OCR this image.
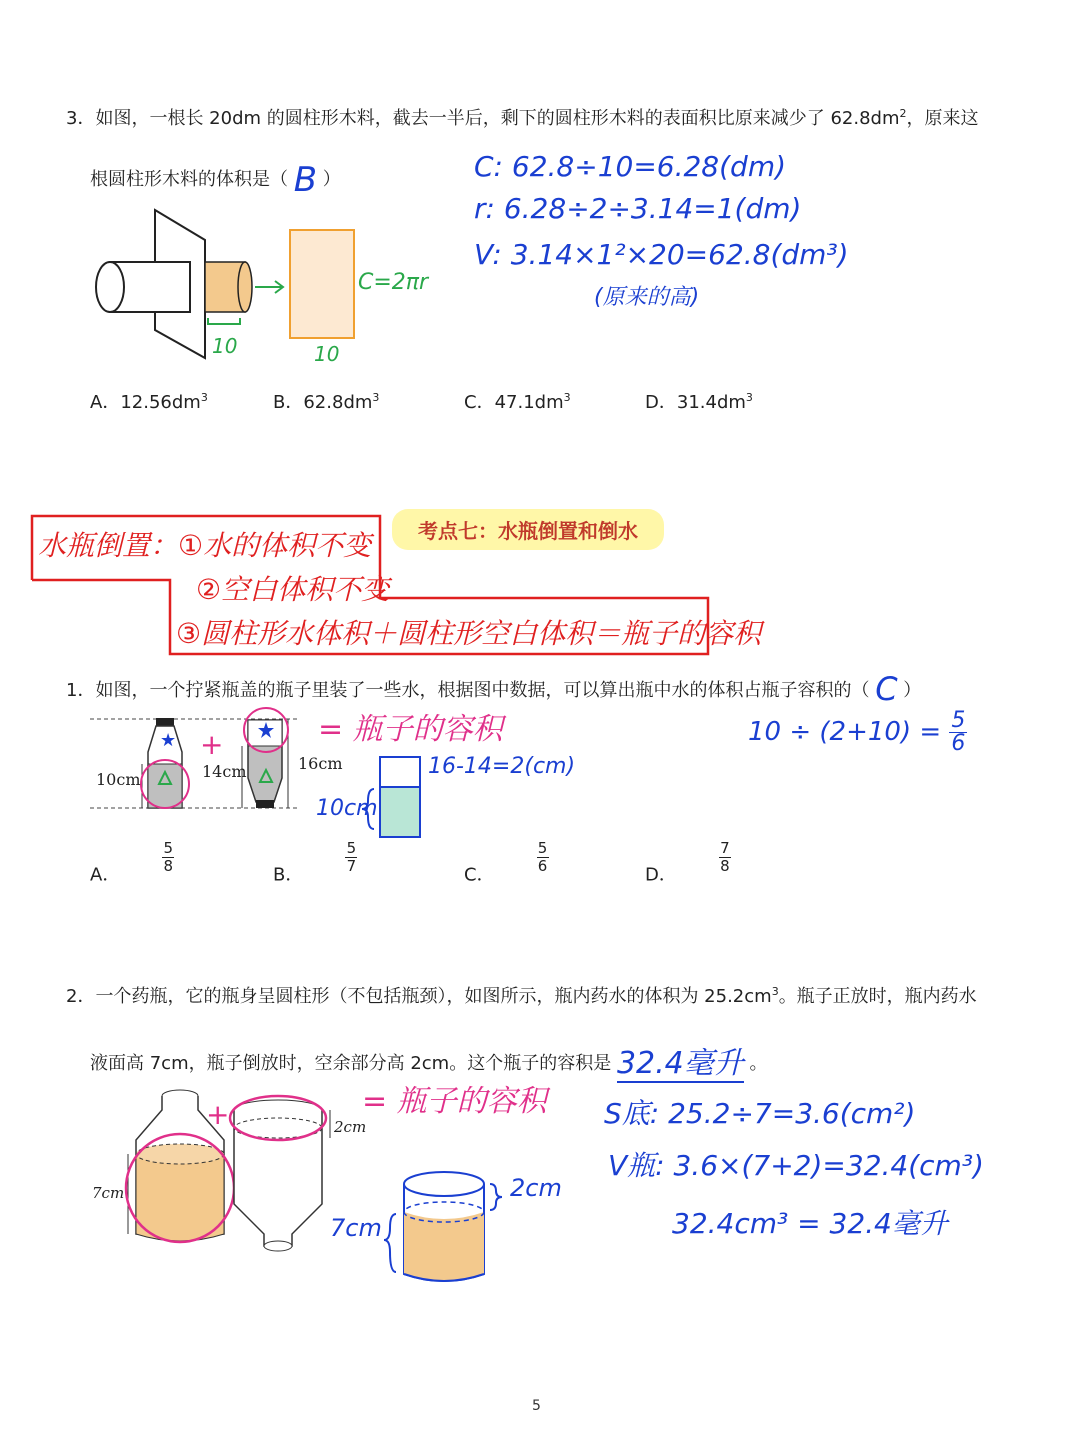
3．如图，一根长 20dm 的圆柱形木料，截去一半后，剩下的圆柱形木料的表面积比原来减少了 $62.8dm^2$，原来这
根圆柱形木料的体积是（ B ）
10	10
C=2πr
C: 62.8÷10=6.28(dm)
r: 6.28÷2÷3.14=1(dm)
V: 3.14×1²×20=62.8(dm³)
(原来的高)
A．$12.56dm^3$	B．$62.8dm^3$	C．$47.1dm^3$	D．$31.4dm^3$
考点七：水瓶倒置和倒水
水瓶倒置：①水的体积不变
②空白体积不变
③圆柱形水体积＋圆柱形空白体积＝瓶子的容积
1．如图，一个拧紧瓶盖的瓶子里装了一些水，根据图中数据，可以算出瓶中水的体积占瓶子容积的（ C ）
★
10cm	14cm	16cm
+	= 瓶子的容积
16-14=2(cm)
10cm
$10 \div (2+10) = \frac{5}{6}$
A．	$\frac{5}{8}$	B．	$\frac{5}{7}$	C．	$\frac{5}{6}$	D．	$\frac{7}{8}$
2．一个药瓶，它的瓶身呈圆柱形（不包括瓶颈），如图所示，瓶内药水的体积为 $25.2cm^3$。瓶子正放时，瓶内药水
液面高 7cm，瓶子倒放时，空余部分高 2cm。这个瓶子的容积是 32.4毫升 。
7cm
2cm
+	= 瓶子的容积
2cm
7cm
S底: 25.2÷7=3.6(cm²)
V瓶: 3.6×(7+2)=32.4(cm³)
32.4cm³ = 32.4毫升
5
